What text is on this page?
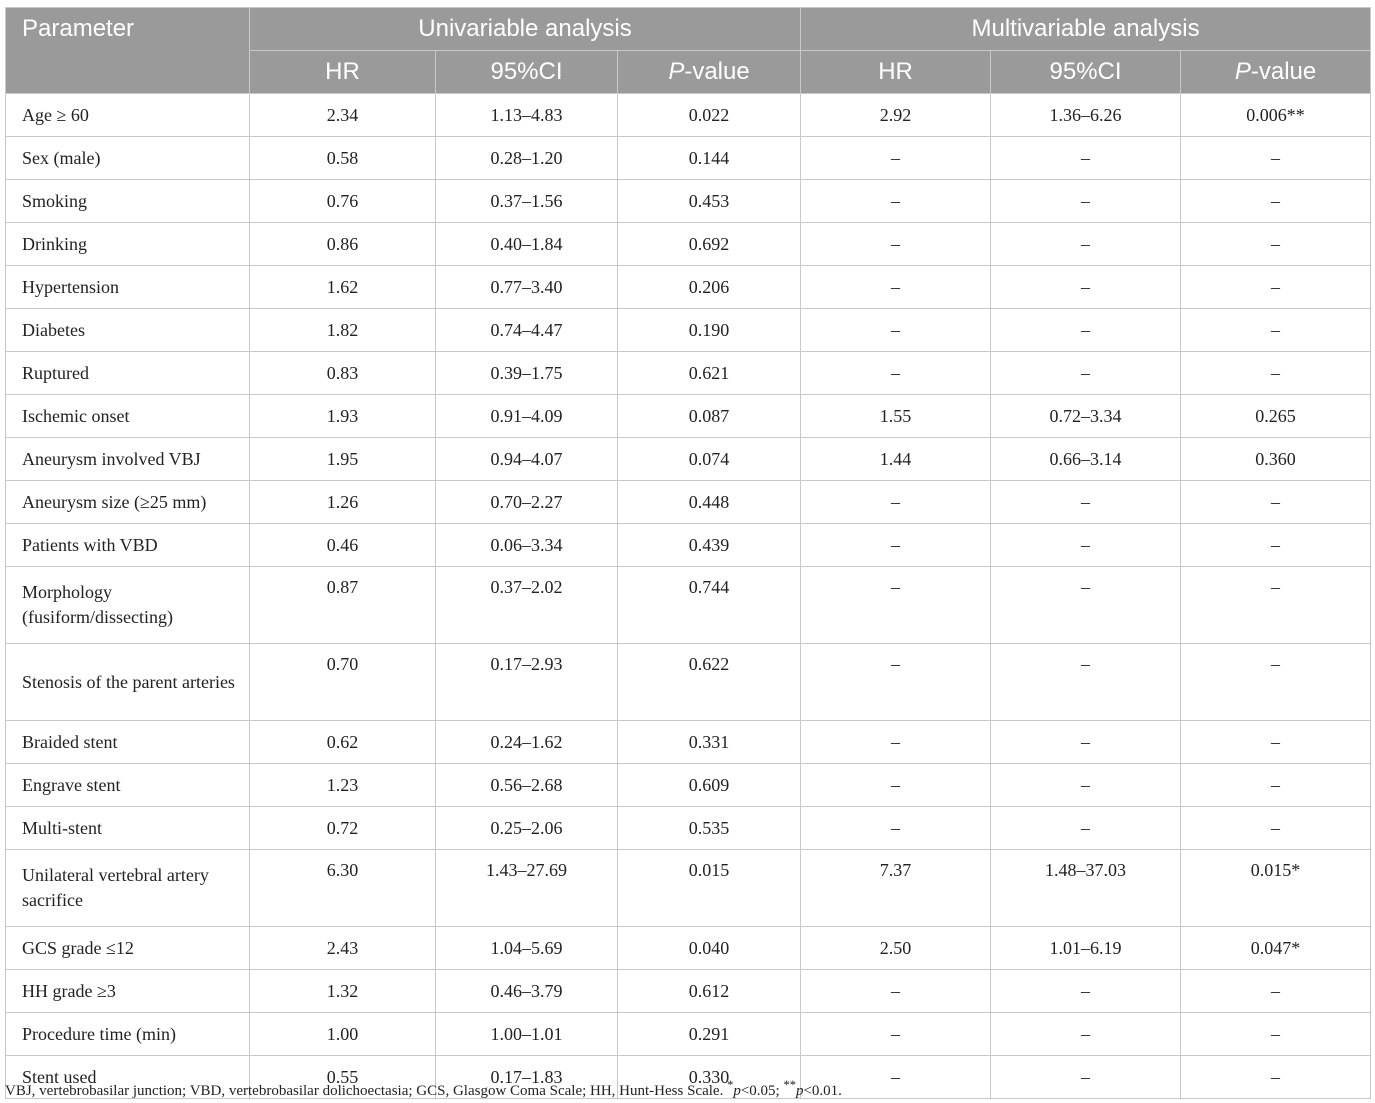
Parameter	Univariable analysis			Multivariable analysis		
	HR	95%CI	P-value	HR	95%CI	P-value
Age ≥ 60	2.34	1.13–4.83	0.022	2.92	1.36–6.26	0.006**
Sex (male)	0.58	0.28–1.20	0.144	–	–	–
Smoking	0.76	0.37–1.56	0.453	–	–	–
Drinking	0.86	0.40–1.84	0.692	–	–	–
Hypertension	1.62	0.77–3.40	0.206	–	–	–
Diabetes	1.82	0.74–4.47	0.190	–	–	–
Ruptured	0.83	0.39–1.75	0.621	–	–	–
Ischemic onset	1.93	0.91–4.09	0.087	1.55	0.72–3.34	0.265
Aneurysm involved VBJ	1.95	0.94–4.07	0.074	1.44	0.66–3.14	0.360
Aneurysm size (≥25 mm)	1.26	0.70–2.27	0.448	–	–	–
Patients with VBD	0.46	0.06–3.34	0.439	–	–	–
Morphology (fusiform/dissecting)	0.87	0.37–2.02	0.744	–	–	–
Stenosis of the parent arteries	0.70	0.17–2.93	0.622	–	–	–
Braided stent	0.62	0.24–1.62	0.331	–	–	–
Engrave stent	1.23	0.56–2.68	0.609	–	–	–
Multi-stent	0.72	0.25–2.06	0.535	–	–	–
Unilateral vertebral artery sacrifice	6.30	1.43–27.69	0.015	7.37	1.48–37.03	0.015*
GCS grade ≤12	2.43	1.04–5.69	0.040	2.50	1.01–6.19	0.047*
HH grade ≥3	1.32	0.46–3.79	0.612	–	–	–
Procedure time (min)	1.00	1.00–1.01	0.291	–	–	–
Stent used	0.55	0.17–1.83	0.330	–	–	–
VBJ, vertebrobasilar junction; VBD, vertebrobasilar dolichoectasia; GCS, Glasgow Coma Scale; HH, Hunt-Hess Scale. *p<0.05; **p<0.01.
